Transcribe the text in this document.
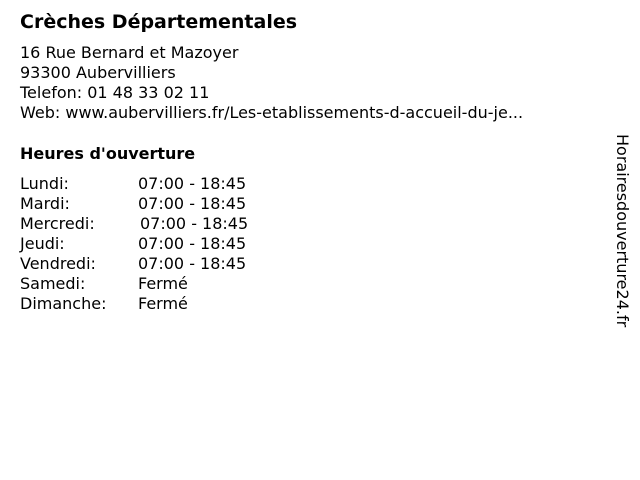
Crèches Départementales
16 Rue Bernard et Mazoyer
93300 Aubervilliers
Telefon: 01 48 33 02 11
Web: www.aubervilliers.fr/Les-etablissements-d-accueil-du-je...
Heures d'ouverture
Lundi:	07:00 - 18:45
Mardi:	07:00 - 18:45
Mercredi:	07:00 - 18:45
Jeudi:	07:00 - 18:45
Vendredi:	07:00 - 18:45
Samedi:	Fermé
Dimanche: Fermé	Horairesdouverture24.fr
